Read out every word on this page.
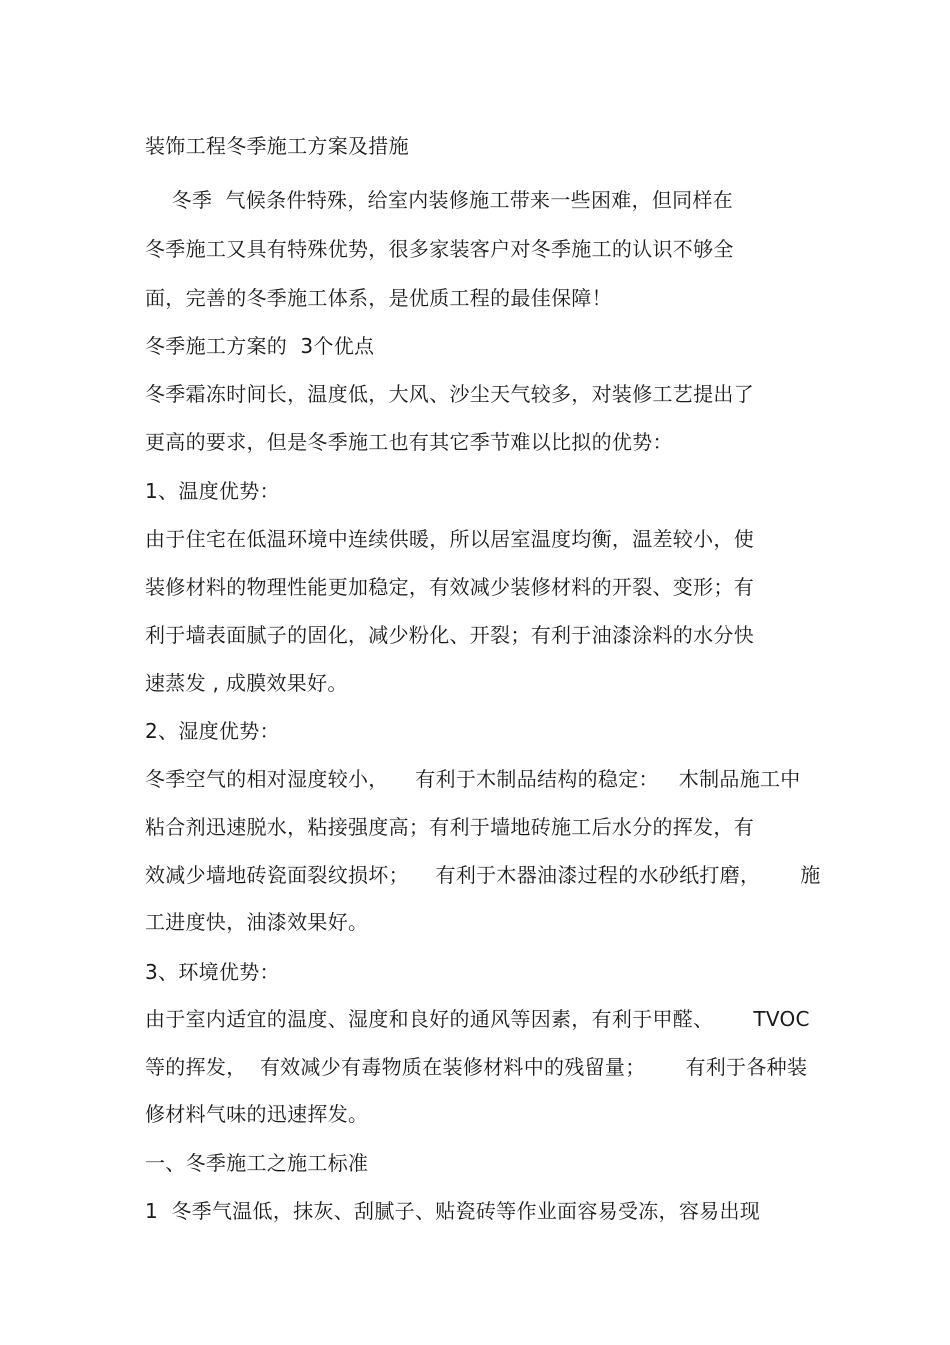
装饰工程冬季施工方案及措施
冬季  气候条件特殊，给室内装修施工带来一些困难，但同样在
冬季施工又具有特殊优势，很多家装客户对冬季施工的认识不够全
面，完善的冬季施工体系，是优质工程的最佳保障！
冬季施工方案的  3个优点
冬季霜冻时间长，温度低，大风、沙尘天气较多，对装修工艺提出了
更高的要求，但是冬季施工也有其它季节难以比拟的优势：
1、温度优势：
由于住宅在低温环境中连续供暖，所以居室温度均衡，温差较小，使
装修材料的物理性能更加稳定，有效减少装修材料的开裂、变形；有
利于墙表面腻子的固化，减少粉化、开裂；有利于油漆涂料的水分快
速蒸发 , 成膜效果好。
2、湿度优势：
冬季空气的相对湿度较小，    有利于木制品结构的稳定：   木制品施工中
粘合剂迅速脱水，粘接强度高；有利于墙地砖施工后水分的挥发，有
效减少墙地砖瓷面裂纹损坏；    有利于木器油漆过程的水砂纸打磨，      施
工进度快，油漆效果好。
3、环境优势：
由于室内适宜的温度、湿度和良好的通风等因素，有利于甲醛、      TVOC
等的挥发，  有效减少有毒物质在装修材料中的残留量；      有利于各种装
修材料气味的迅速挥发。
一、冬季施工之施工标准
1  冬季气温低，抹灰、刮腻子、贴瓷砖等作业面容易受冻，容易出现
